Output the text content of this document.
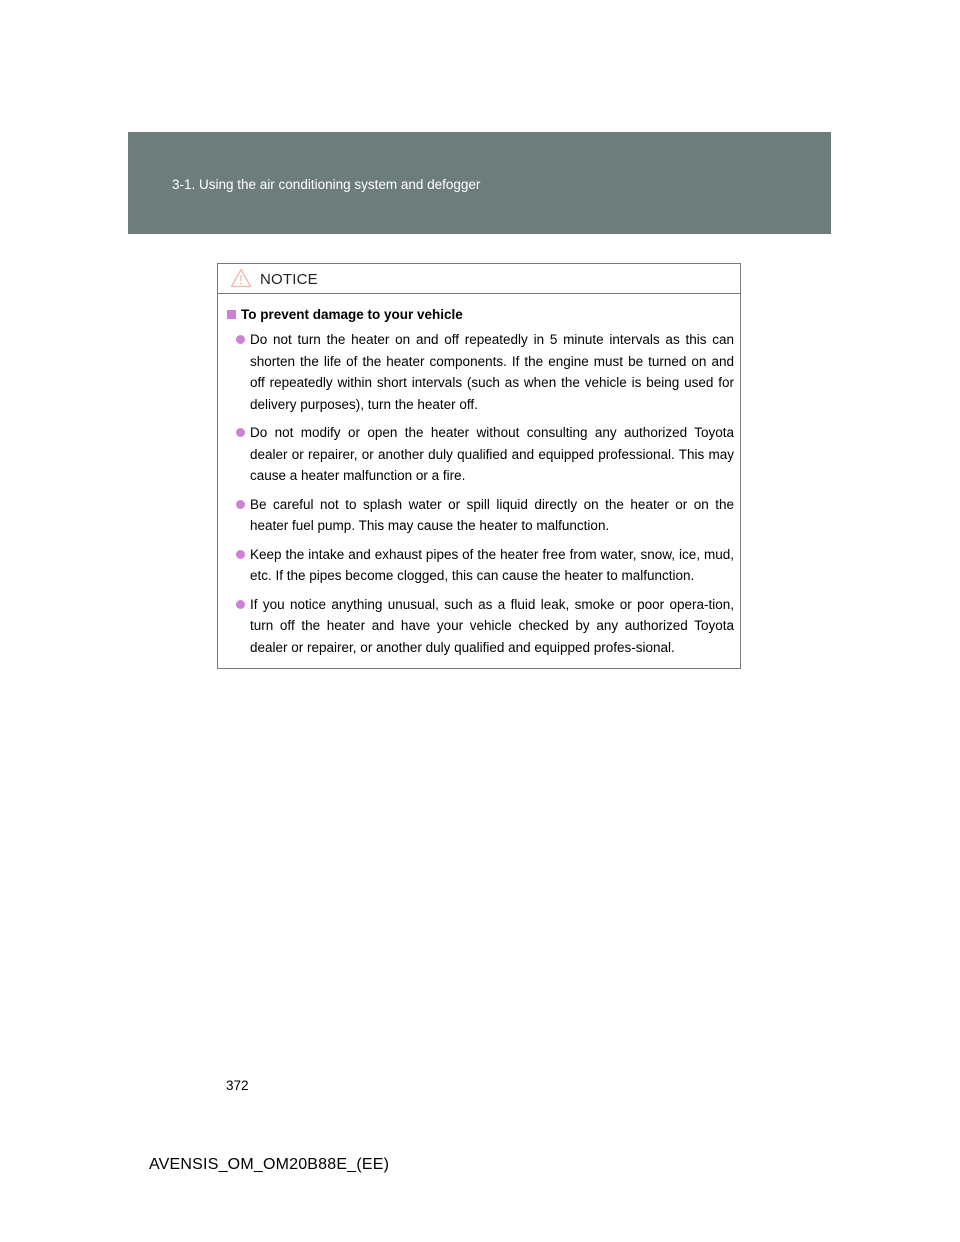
3-1. Using the air conditioning system and defogger
NOTICE
To prevent damage to your vehicle
Do not turn the heater on and off repeatedly in 5 minute intervals as this can shorten the life of the heater components. If the engine must be turned on and off repeatedly within short intervals (such as when the vehicle is being used for delivery purposes), turn the heater off.
Do not modify or open the heater without consulting any authorized Toyota dealer or repairer, or another duly qualified and equipped professional. This may cause a heater malfunction or a fire.
Be careful not to splash water or spill liquid directly on the heater or on the heater fuel pump. This may cause the heater to malfunction.
Keep the intake and exhaust pipes of the heater free from water, snow, ice, mud, etc. If the pipes become clogged, this can cause the heater to malfunction.
If you notice anything unusual, such as a fluid leak, smoke or poor opera-tion, turn off the heater and have your vehicle checked by any authorized Toyota dealer or repairer, or another duly qualified and equipped profes-sional.
372
AVENSIS_OM_OM20B88E_(EE)
